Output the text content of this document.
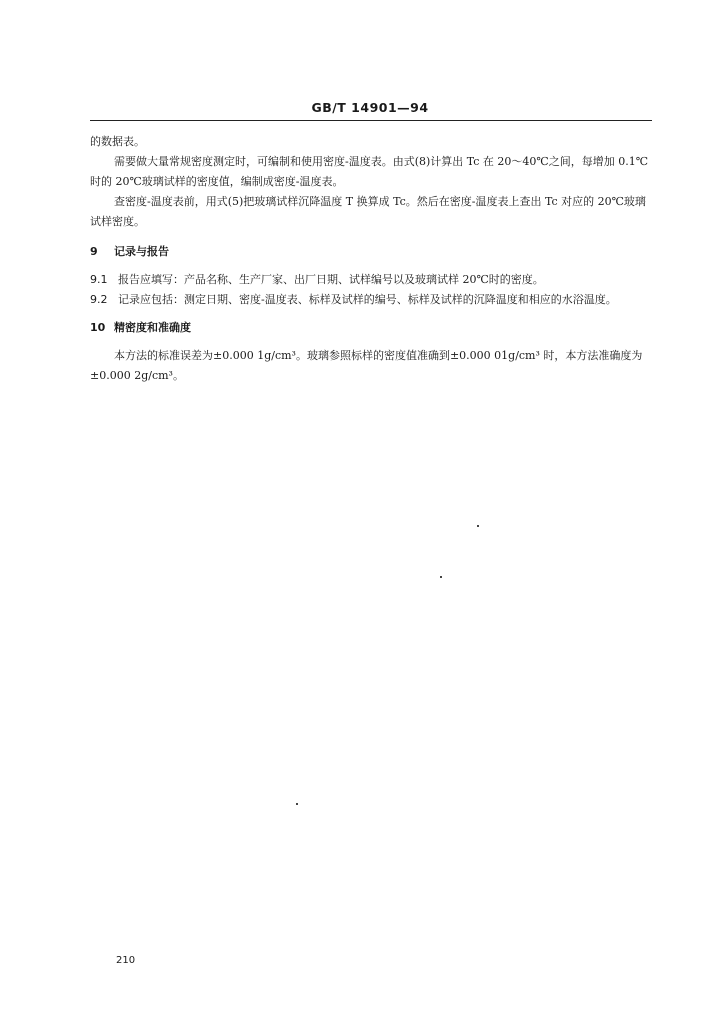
GB/T 14901—94

的数据表。

需要做大量常规密度测定时，可编制和使用密度-温度表。由式(8)计算出 Tc 在 20～40℃之间，每增加 0.1℃时的 20℃玻璃试样的密度值，编制成密度-温度表。

查密度-温度表前，用式(5)把玻璃试样沉降温度 T 换算成 Tc。然后在密度-温度表上查出 Tc 对应的 20℃玻璃试样密度。

9 记录与报告

9.1 报告应填写：产品名称、生产厂家、出厂日期、试样编号以及玻璃试样 20℃时的密度。

9.2 记录应包括：测定日期、密度-温度表、标样及试样的编号、标样及试样的沉降温度和相应的水浴温度。

10 精密度和准确度

本方法的标准误差为±0.000 1g/cm³。玻璃参照标样的密度值准确到±0.000 01g/cm³ 时，本方法准确度为±0.000 2g/cm³。

210
